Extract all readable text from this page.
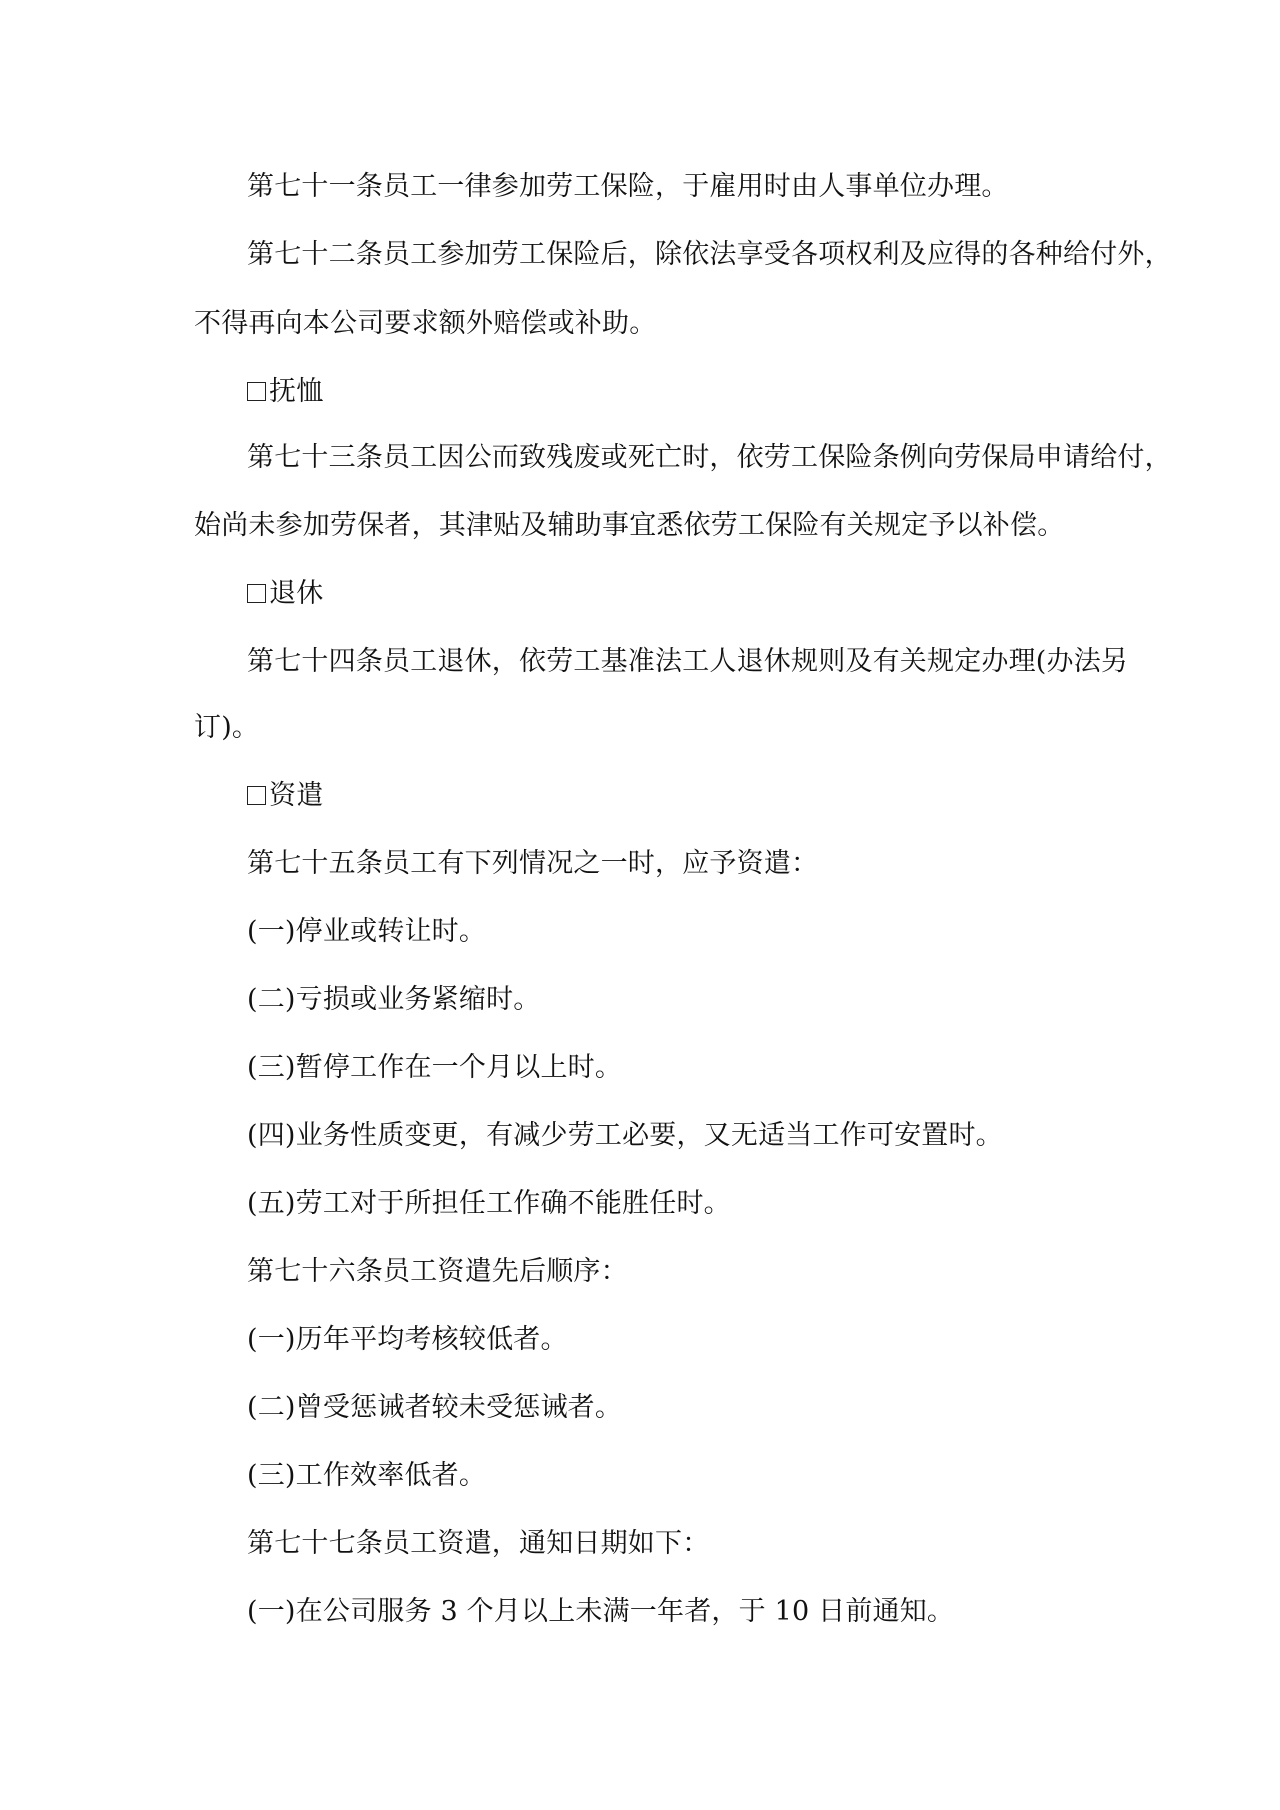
第七十一条员工一律参加劳工保险，于雇用时由人事单位办理。
第七十二条员工参加劳工保险后，除依法享受各项权利及应得的各种给付外，
不得再向本公司要求额外赔偿或补助。
抚恤
第七十三条员工因公而致残废或死亡时，依劳工保险条例向劳保局申请给付，
始尚未参加劳保者，其津贴及辅助事宜悉依劳工保险有关规定予以补偿。
退休
第七十四条员工退休，依劳工基准法工人退休规则及有关规定办理(办法另
订)。
资遣
第七十五条员工有下列情况之一时，应予资遣：
(一)停业或转让时。
(二)亏损或业务紧缩时。
(三)暂停工作在一个月以上时。
(四)业务性质变更，有减少劳工必要，又无适当工作可安置时。
(五)劳工对于所担任工作确不能胜任时。
第七十六条员工资遣先后顺序：
(一)历年平均考核较低者。
(二)曾受惩诫者较未受惩诫者。
(三)工作效率低者。
第七十七条员工资遣，通知日期如下：
(一)在公司服务 3 个月以上未满一年者，于 10 日前通知。
